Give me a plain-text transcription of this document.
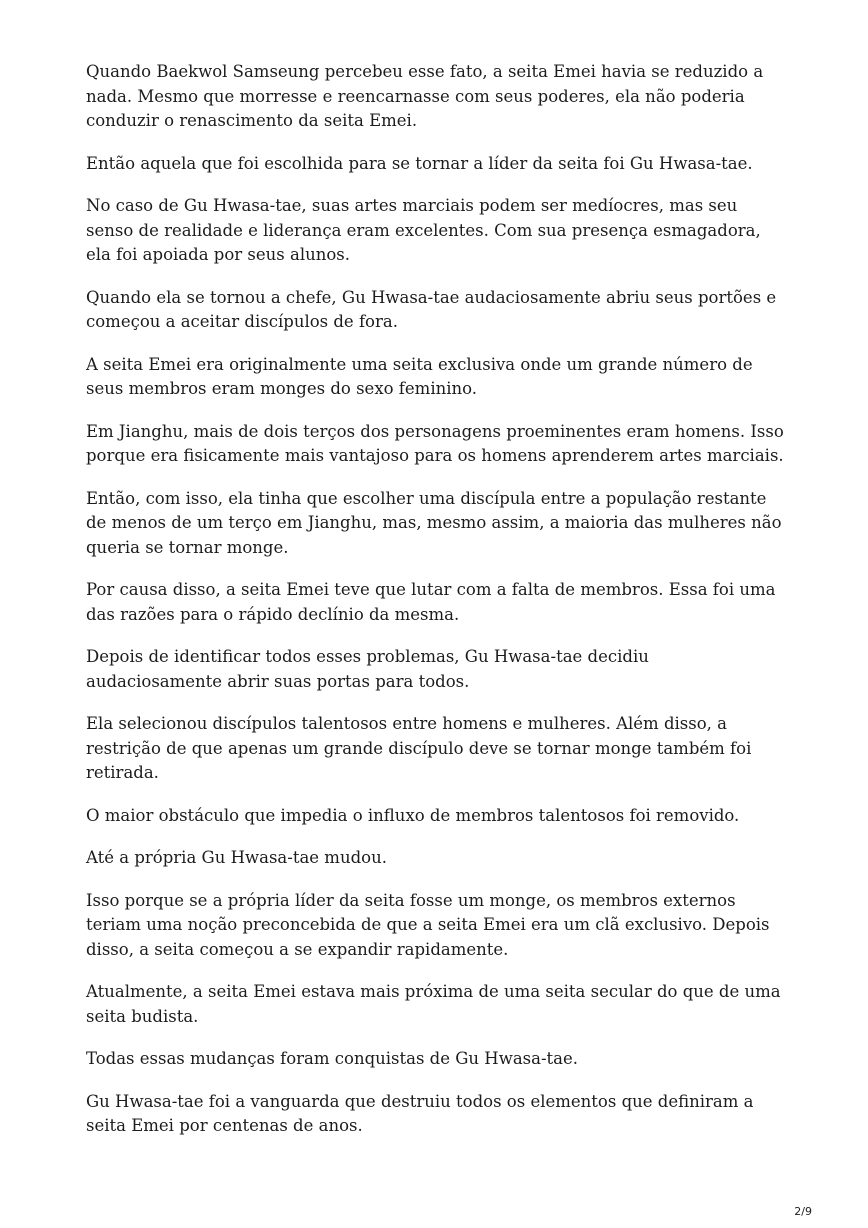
Quando Baekwol Samseung percebeu esse fato, a seita Emei havia se reduzido a nada. Mesmo que morresse e reencarnasse com seus poderes, ela não poderia conduzir o renascimento da seita Emei.

Então aquela que foi escolhida para se tornar a líder da seita foi Gu Hwasa-tae.

No caso de Gu Hwasa-tae, suas artes marciais podem ser medíocres, mas seu senso de realidade e liderança eram excelentes. Com sua presença esmagadora, ela foi apoiada por seus alunos.

Quando ela se tornou a chefe, Gu Hwasa-tae audaciosamente abriu seus portões e começou a aceitar discípulos de fora.

A seita Emei era originalmente uma seita exclusiva onde um grande número de seus membros eram monges do sexo feminino.

Em Jianghu, mais de dois terços dos personagens proeminentes eram homens. Isso porque era fisicamente mais vantajoso para os homens aprenderem artes marciais.

Então, com isso, ela tinha que escolher uma discípula entre a população restante de menos de um terço em Jianghu, mas, mesmo assim, a maioria das mulheres não queria se tornar monge.

Por causa disso, a seita Emei teve que lutar com a falta de membros. Essa foi uma das razões para o rápido declínio da mesma.

Depois de identificar todos esses problemas, Gu Hwasa-tae decidiu audaciosamente abrir suas portas para todos.

Ela selecionou discípulos talentosos entre homens e mulheres. Além disso, a restrição de que apenas um grande discípulo deve se tornar monge também foi retirada.

O maior obstáculo que impedia o influxo de membros talentosos foi removido.

Até a própria Gu Hwasa-tae mudou.

Isso porque se a própria líder da seita fosse um monge, os membros externos teriam uma noção preconcebida de que a seita Emei era um clã exclusivo. Depois disso, a seita começou a se expandir rapidamente.

Atualmente, a seita Emei estava mais próxima de uma seita secular do que de uma seita budista.

Todas essas mudanças foram conquistas de Gu Hwasa-tae.

Gu Hwasa-tae foi a vanguarda que destruiu todos os elementos que definiram a seita Emei por centenas de anos.

2/9
